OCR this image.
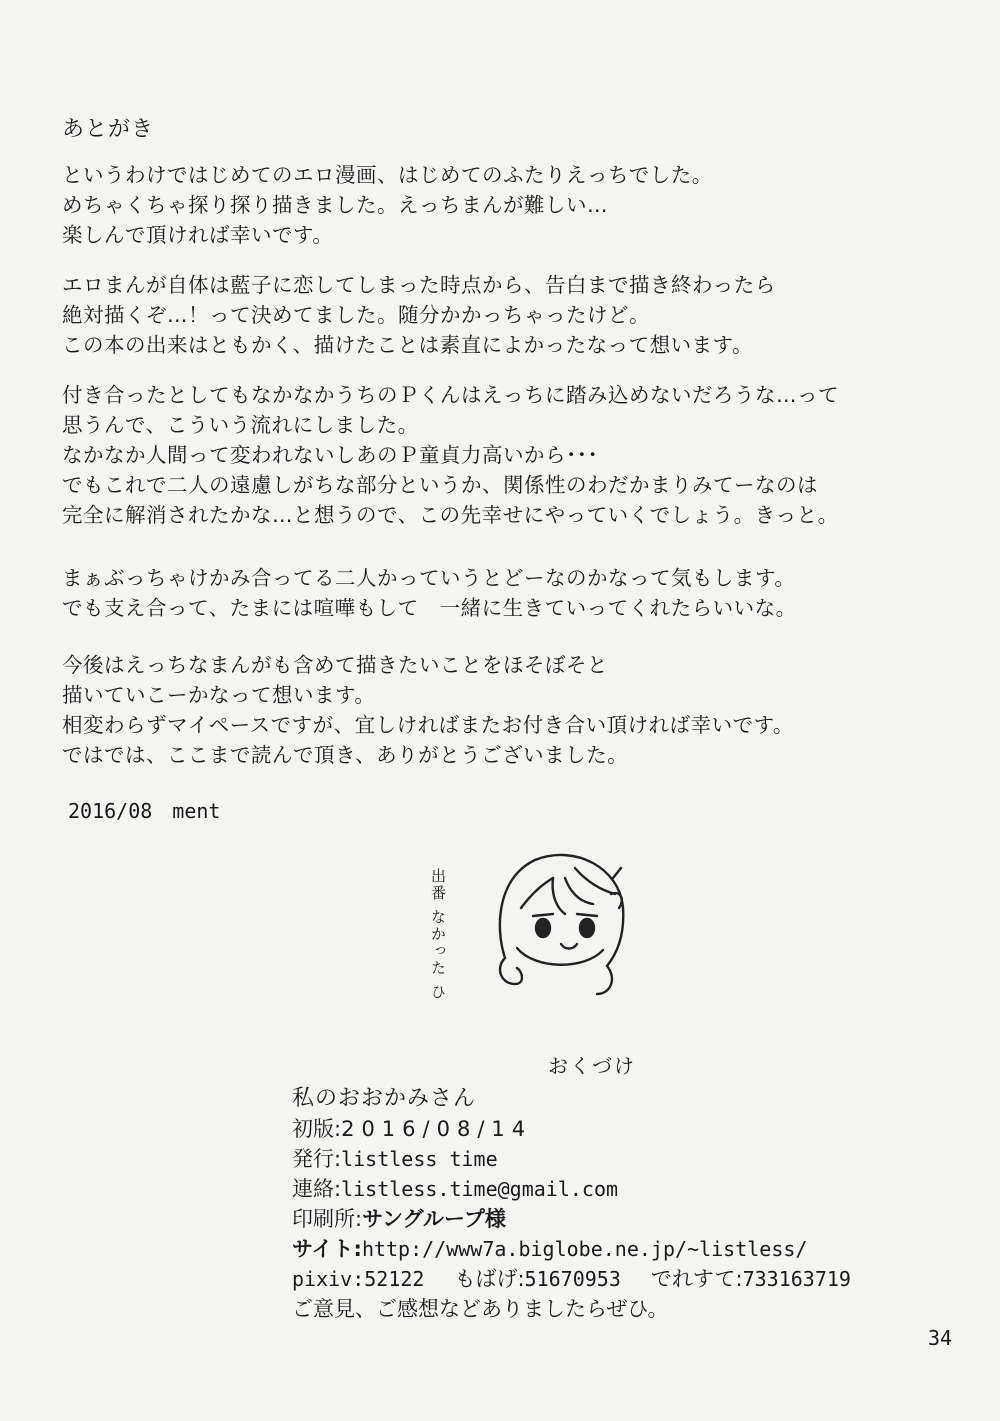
あとがき
というわけではじめてのエロ漫画、はじめてのふたりえっちでした。
めちゃくちゃ探り探り描きました。えっちまんが難しい…
楽しんで頂ければ幸いです。
エロまんが自体は藍子に恋してしまった時点から、告白まで描き終わったら
絶対描くぞ…！って決めてました。随分かかっちゃったけど。
この本の出来はともかく、描けたことは素直によかったなって想います。
付き合ったとしてもなかなかうちのＰくんはえっちに踏み込めないだろうな…って
思うんで、こういう流れにしました。
なかなか人間って変われないしあのＰ童貞力高いから･･･
でもこれで二人の遠慮しがちな部分というか、関係性のわだかまりみてーなのは
完全に解消されたかな…と想うので、この先幸せにやっていくでしょう。きっと。
まぁぶっちゃけかみ合ってる二人かっていうとどーなのかなって気もします。
でも支え合って、たまには喧嘩もして　一緒に生きていってくれたらいいな。
今後はえっちなまんがも含めて描きたいことをほそぼそと
描いていこーかなって想います。
相変わらずマイペースですが、宜しければまたお付き合い頂ければ幸いです。
ではでは、ここまで読んで頂き、ありがとうございました。
2016/08　ment
出番 なかった ひ
おくづけ
私のおおかみさん
初版:2016/08/14
発行:listless time
連絡:listless.time@gmail.com
印刷所:サングループ様
サイト:http://www7a.biglobe.ne.jp/~listless/
pixiv:52122 もばげ:51670953 でれすて:733163719
ご意見、ご感想などありましたらぜひ。
34
